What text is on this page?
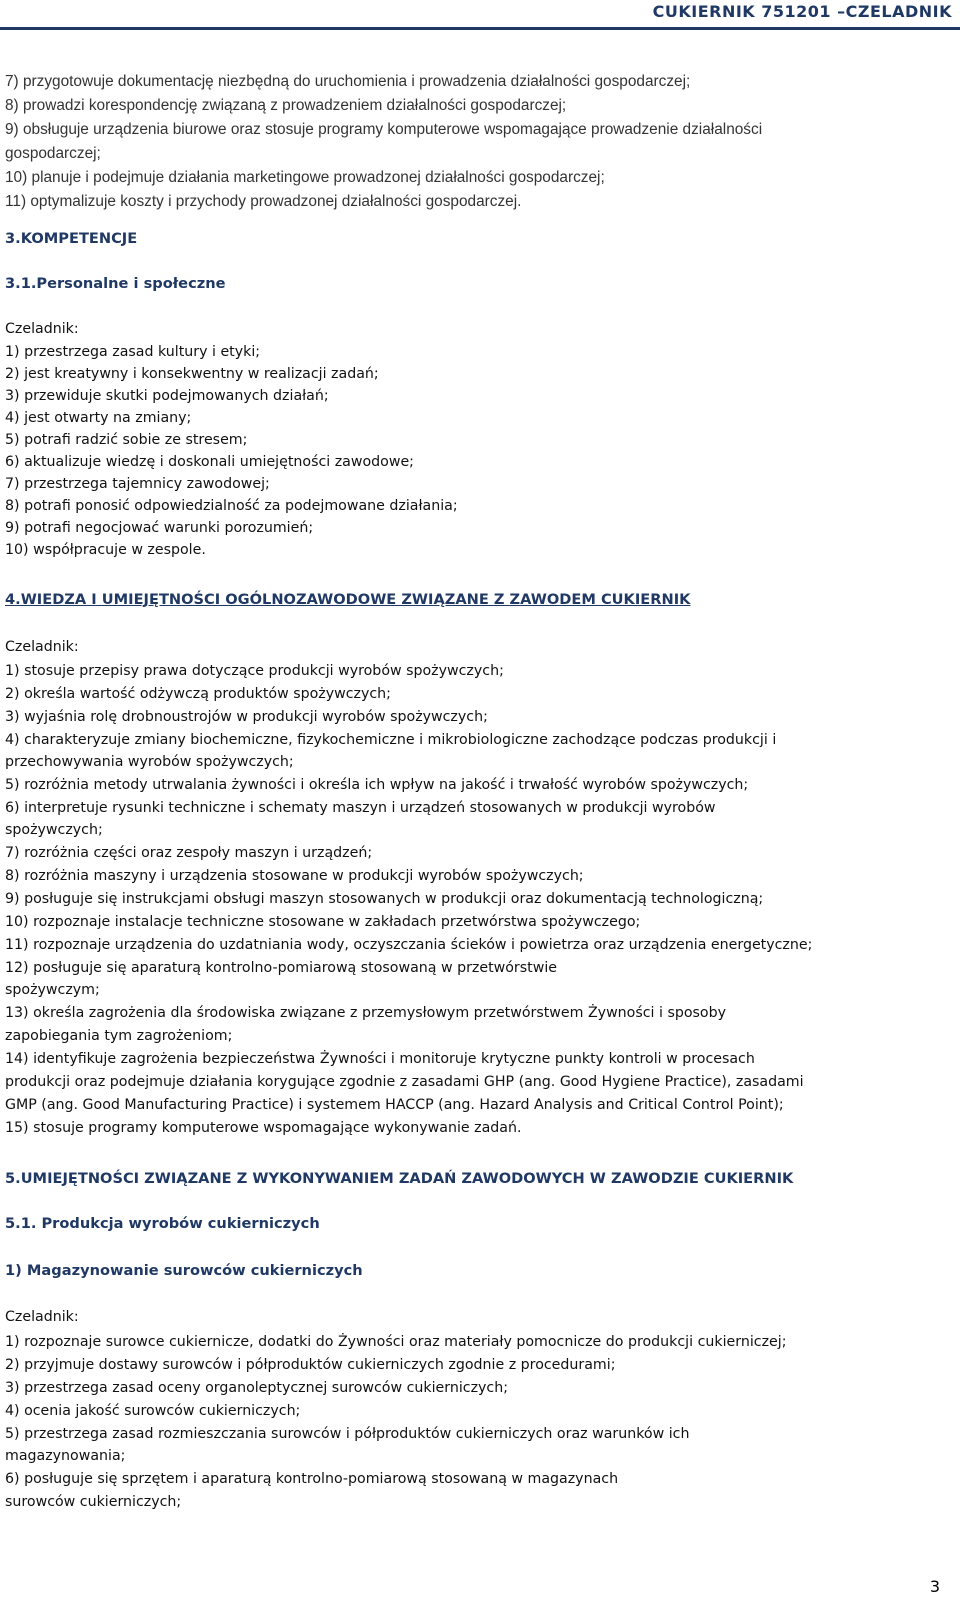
CUKIERNIK 751201 –CZELADNIK
7) przygotowuje dokumentację niezbędną do uruchomienia i prowadzenia działalności gospodarczej;
8) prowadzi korespondencję związaną z prowadzeniem działalności gospodarczej;
9) obsługuje urządzenia biurowe oraz stosuje programy komputerowe wspomagające prowadzenie działalności
gospodarczej;
10) planuje i podejmuje działania marketingowe prowadzonej działalności gospodarczej;
11) optymalizuje koszty i przychody prowadzonej działalności gospodarczej.
3.KOMPETENCJE
3.1.Personalne i społeczne
Czeladnik:
1) przestrzega zasad kultury i etyki;
2) jest kreatywny i konsekwentny w realizacji zadań;
3) przewiduje skutki podejmowanych działań;
4) jest otwarty na zmiany;
5) potrafi radzić sobie ze stresem;
6) aktualizuje wiedzę i doskonali umiejętności zawodowe;
7) przestrzega tajemnicy zawodowej;
8) potrafi ponosić odpowiedzialność za podejmowane działania;
9) potrafi negocjować warunki porozumień;
10) współpracuje w zespole.
4.WIEDZA I UMIEJĘTNOŚCI OGÓLNOZAWODOWE ZWIĄZANE Z ZAWODEM CUKIERNIK
Czeladnik:
1) stosuje przepisy prawa dotyczące produkcji wyrobów spożywczych;
2) określa wartość odżywczą produktów spożywczych;
3) wyjaśnia rolę drobnoustrojów w produkcji wyrobów spożywczych;
4) charakteryzuje zmiany biochemiczne, fizykochemiczne i mikrobiologiczne zachodzące podczas produkcji i
przechowywania wyrobów spożywczych;
5) rozróżnia metody utrwalania żywności i określa ich wpływ na jakość i trwałość wyrobów spożywczych;
6) interpretuje rysunki techniczne i schematy maszyn i urządzeń stosowanych w produkcji wyrobów
spożywczych;
7) rozróżnia części oraz zespoły maszyn i urządzeń;
8) rozróżnia maszyny i urządzenia stosowane w produkcji wyrobów spożywczych;
9) posługuje się instrukcjami obsługi maszyn stosowanych w produkcji oraz dokumentacją technologiczną;
10) rozpoznaje instalacje techniczne stosowane w zakładach przetwórstwa spożywczego;
11) rozpoznaje urządzenia do uzdatniania wody, oczyszczania ścieków i powietrza oraz urządzenia energetyczne;
12) posługuje się aparaturą kontrolno-pomiarową stosowaną w przetwórstwie
spożywczym;
13) określa zagrożenia dla środowiska związane z przemysłowym przetwórstwem Żywności i sposoby
zapobiegania tym zagrożeniom;
14) identyfikuje zagrożenia bezpieczeństwa Żywności i monitoruje krytyczne punkty kontroli w procesach
produkcji oraz podejmuje działania korygujące zgodnie z zasadami GHP (ang. Good Hygiene Practice), zasadami
GMP (ang. Good Manufacturing Practice) i systemem HACCP (ang. Hazard Analysis and Critical Control Point);
15) stosuje programy komputerowe wspomagające wykonywanie zadań.
5.UMIEJĘTNOŚCI ZWIĄZANE Z WYKONYWANIEM ZADAŃ ZAWODOWYCH W ZAWODZIE CUKIERNIK
5.1. Produkcja wyrobów cukierniczych
1) Magazynowanie surowców cukierniczych
Czeladnik:
1) rozpoznaje surowce cukiernicze, dodatki do Żywności oraz materiały pomocnicze do produkcji cukierniczej;
2) przyjmuje dostawy surowców i półproduktów cukierniczych zgodnie z procedurami;
3) przestrzega zasad oceny organoleptycznej surowców cukierniczych;
4) ocenia jakość surowców cukierniczych;
5) przestrzega zasad rozmieszczania surowców i półproduktów cukierniczych oraz warunków ich
magazynowania;
6) posługuje się sprzętem i aparaturą kontrolno-pomiarową stosowaną w magazynach
surowców cukierniczych;
3
